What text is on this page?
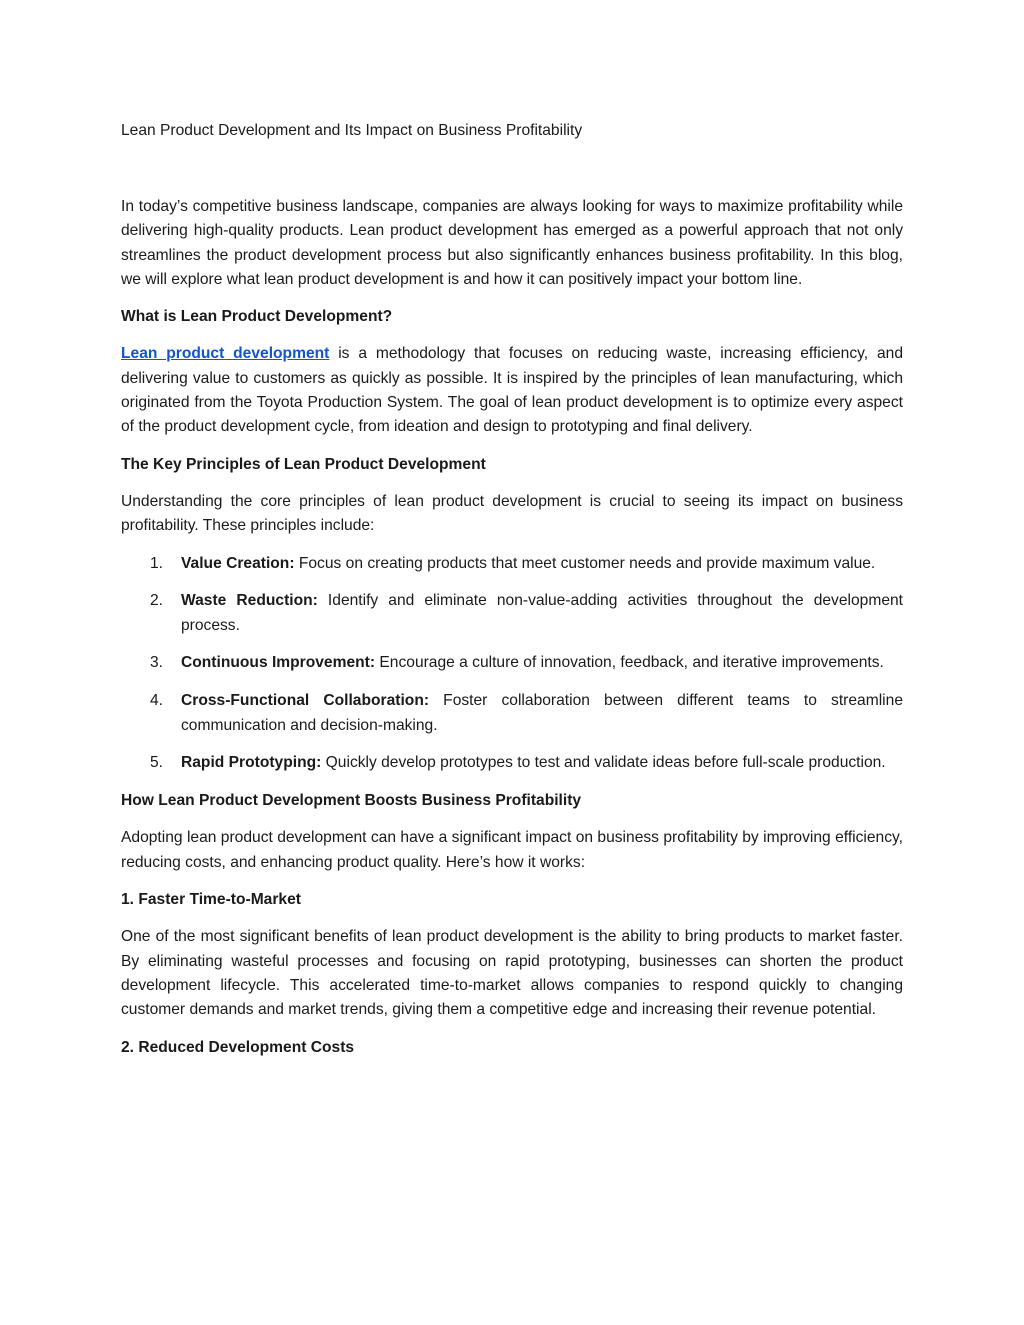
Lean Product Development and Its Impact on Business Profitability

In today’s competitive business landscape, companies are always looking for ways to maximize profitability while delivering high-quality products. Lean product development has emerged as a powerful approach that not only streamlines the product development process but also significantly enhances business profitability. In this blog, we will explore what lean product development is and how it can positively impact your bottom line.

What is Lean Product Development?

Lean product development is a methodology that focuses on reducing waste, increasing efficiency, and delivering value to customers as quickly as possible. It is inspired by the principles of lean manufacturing, which originated from the Toyota Production System. The goal of lean product development is to optimize every aspect of the product development cycle, from ideation and design to prototyping and final delivery.

The Key Principles of Lean Product Development

Understanding the core principles of lean product development is crucial to seeing its impact on business profitability. These principles include:

1. Value Creation: Focus on creating products that meet customer needs and provide maximum value.
2. Waste Reduction: Identify and eliminate non-value-adding activities throughout the development process.
3. Continuous Improvement: Encourage a culture of innovation, feedback, and iterative improvements.
4. Cross-Functional Collaboration: Foster collaboration between different teams to streamline communication and decision-making.
5. Rapid Prototyping: Quickly develop prototypes to test and validate ideas before full-scale production.
How Lean Product Development Boosts Business Profitability

Adopting lean product development can have a significant impact on business profitability by improving efficiency, reducing costs, and enhancing product quality. Here’s how it works:

1. Faster Time-to-Market

One of the most significant benefits of lean product development is the ability to bring products to market faster. By eliminating wasteful processes and focusing on rapid prototyping, businesses can shorten the product development lifecycle. This accelerated time-to-market allows companies to respond quickly to changing customer demands and market trends, giving them a competitive edge and increasing their revenue potential.

2. Reduced Development Costs
